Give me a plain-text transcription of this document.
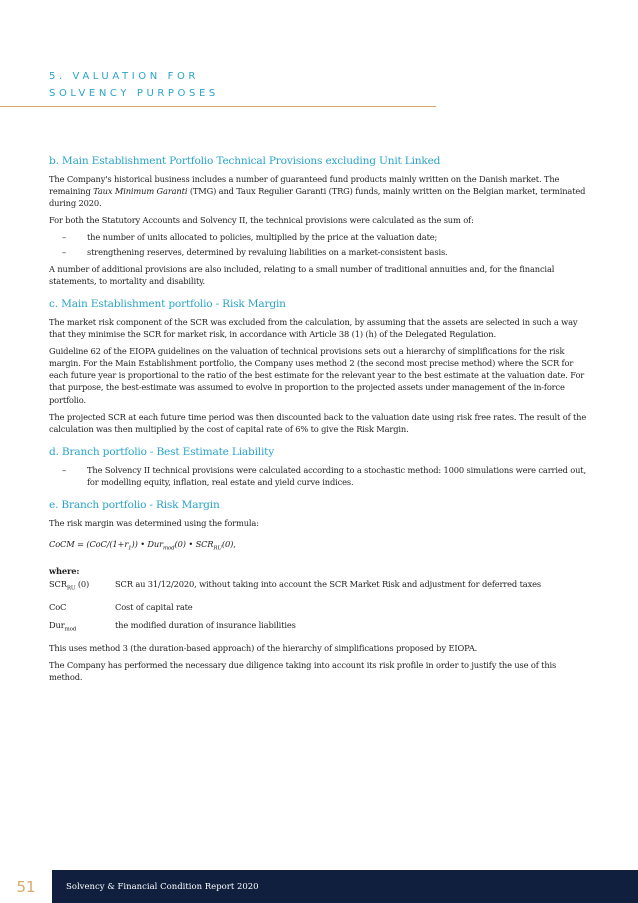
5. VALUATION FOR
SOLVENCY PURPOSES
b. Main Establishment Portfolio Technical Provisions excluding Unit Linked

The Company's historical business includes a number of guaranteed fund products mainly written on the Danish market. The remaining Taux Minimum Garanti (TMG) and Taux Regulier Garanti (TRG) funds, mainly written on the Belgian market, terminated during 2020.

For both the Statutory Accounts and Solvency II, the technical provisions were calculated as the sum of:

– the number of units allocated to policies, multiplied by the price at the valuation date;
– strengthening reserves, determined by revaluing liabilities on a market-consistent basis.

A number of additional provisions are also included, relating to a small number of traditional annuities and, for the financial statements, to mortality and disability.

c. Main Establishment portfolio - Risk Margin

The market risk component of the SCR was excluded from the calculation, by assuming that the assets are selected in such a way that they minimise the SCR for market risk, in accordance with Article 38 (1) (h) of the Delegated Regulation.

Guideline 62 of the EIOPA guidelines on the valuation of technical provisions sets out a hierarchy of simplifications for the risk margin. For the Main Establishment portfolio, the Company uses method 2 (the second most precise method) where the SCR for each future year is proportional to the ratio of the best estimate for the relevant year to the best estimate at the valuation date. For that purpose, the best-estimate was assumed to evolve in proportion to the projected assets under management of the in-force portfolio.

The projected SCR at each future time period was then discounted back to the valuation date using risk free rates. The result of the calculation was then multiplied by the cost of capital rate of 6% to give the Risk Margin.

d. Branch portfolio - Best Estimate Liability
– The Solvency II technical provisions were calculated according to a stochastic method: 1000 simulations were carried out, for modelling equity, inflation, real estate and yield curve indices.
e. Branch portfolio - Risk Margin

The risk margin was determined using the formula:

CoCM = $(CoC/(1+r_1))$ • Dur$_{mod}$(0) • $SCR_{RU}(0)$,
where:
$SCR_{RU}$ (0)	SCR au 31/12/2020, without taking into account the SCR Market Risk and adjustment for deferred taxes
CoC	Cost of capital rate
Dur$_{mod}$	the modified duration of insurance liabilities

This uses method 3 (the duration-based approach) of the hierarchy of simplifications proposed by EIOPA.

The Company has performed the necessary due diligence taking into account its risk profile in order to justify the use of this method.

51	Solvency & Financial Condition Report 2020
